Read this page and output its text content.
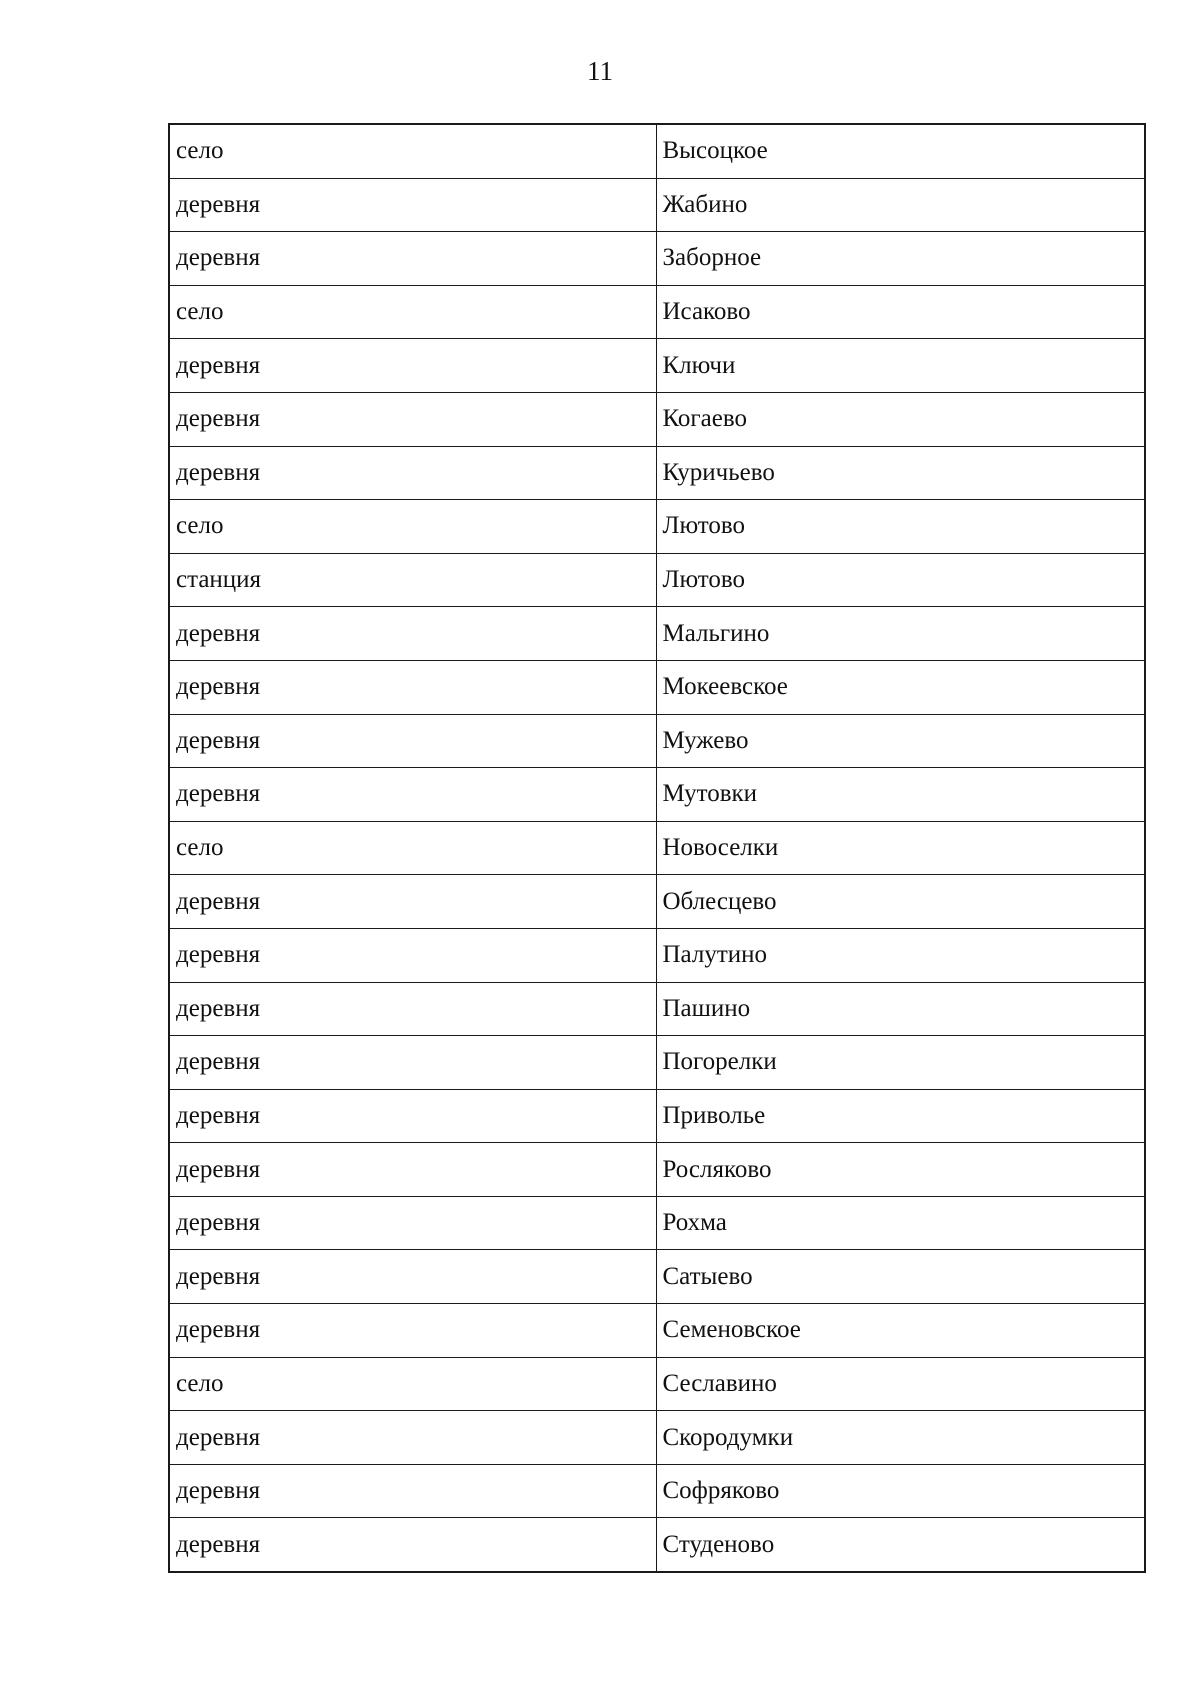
11
село	Высоцкое
деревня	Жабино
деревня	Заборное
село	Исаково
деревня	Ключи
деревня	Когаево
деревня	Куричьево
село	Лютово
станция	Лютово
деревня	Мальгино
деревня	Мокеевское
деревня	Мужево
деревня	Мутовки
село	Новоселки
деревня	Облесцево
деревня	Палутино
деревня	Пашино
деревня	Погорелки
деревня	Приволье
деревня	Росляково
деревня	Рохма
деревня	Сатыево
деревня	Семеновское
село	Сеславино
деревня	Скородумки
деревня	Софряково
деревня	Студеново
